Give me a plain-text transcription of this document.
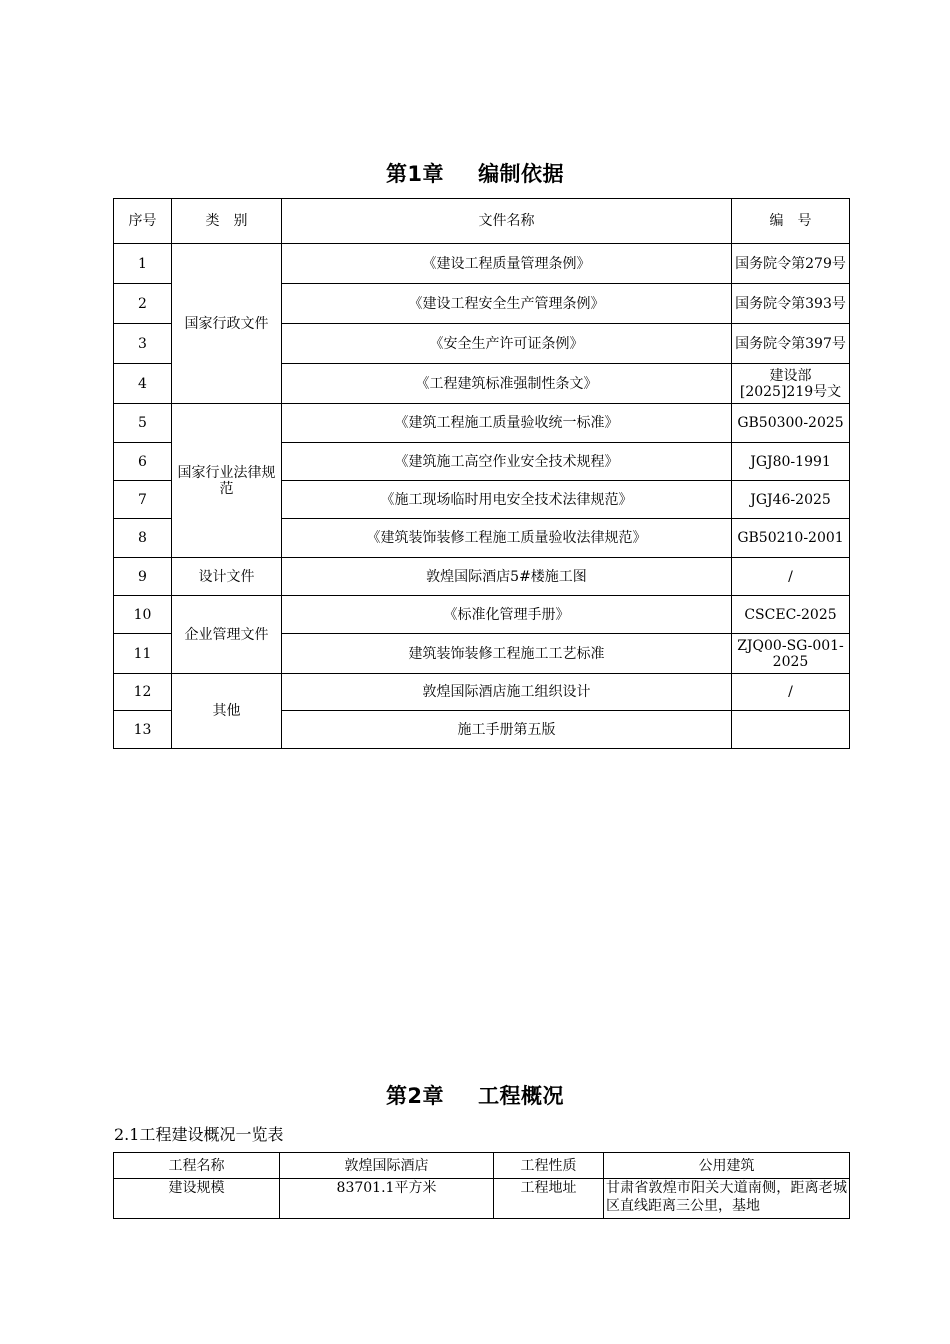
第1章 编制依据
序号	类　别	文件名称	编　号
1	国家行政文件	《建设工程质量管理条例》	国务院令第279号
2		《建设工程安全生产管理条例》	国务院令第393号
3		《安全生产许可证条例》	国务院令第397号
4		《工程建筑标准强制性条文》	建设部[2025]219号文
5	国家行业法律规范	《建筑工程施工质量验收统一标准》	GB50300-2025
6		《建筑施工高空作业安全技术规程》	JGJ80-1991
7		《施工现场临时用电安全技术法律规范》	JGJ46-2025
8		《建筑装饰装修工程施工质量验收法律规范》	GB50210-2001
9	设计文件	敦煌国际酒店5#楼施工图	/
10	企业管理文件	《标准化管理手册》	CSCEC-2025
11		建筑装饰装修工程施工工艺标准	ZJQ00-SG-001-2025
12	其他	敦煌国际酒店施工组织设计	/
13		施工手册第五版	
第2章 工程概况
2.1工程建设概况一览表
工程名称	敦煌国际酒店	工程性质	公用建筑
建设规模	83701.1平方米	工程地址	甘肃省敦煌市阳关大道南侧，距离老城区直线距离三公里，基地
